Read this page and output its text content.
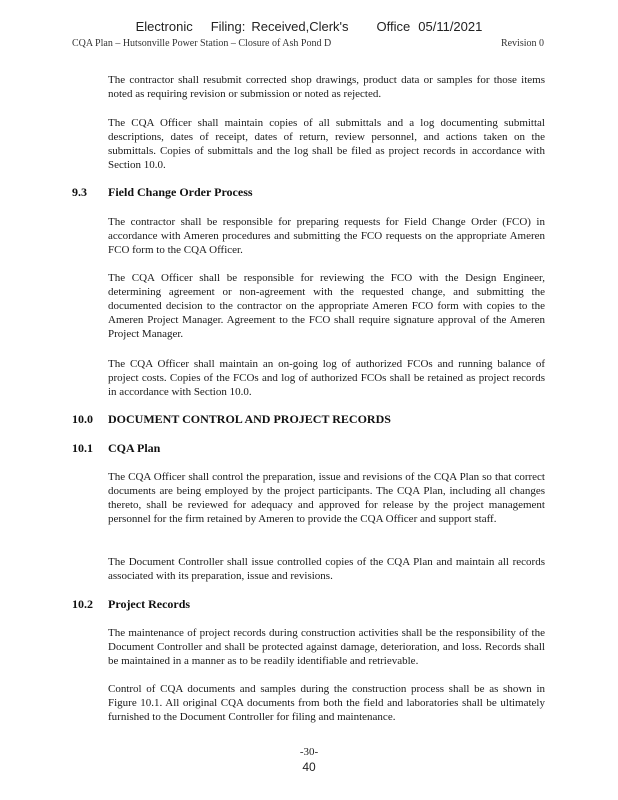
Electronic Filing: Received,Clerk's Office 05/11/2021
CQA Plan – Hutsonville Power Station – Closure of Ash Pond D	Revision 0

The contractor shall resubmit corrected shop drawings, product data or samples for those items noted as requiring revision or submission or noted as rejected.

The CQA Officer shall maintain copies of all submittals and a log documenting submittal descriptions, dates of receipt, dates of return, review personnel, and actions taken on the submittals. Copies of submittals and the log shall be filed as project records in accordance with Section 10.0.

9.3 Field Change Order Process

The contractor shall be responsible for preparing requests for Field Change Order (FCO) in accordance with Ameren procedures and submitting the FCO requests on the appropriate Ameren FCO form to the CQA Officer.

The CQA Officer shall be responsible for reviewing the FCO with the Design Engineer, determining agreement or non-agreement with the requested change, and submitting the documented decision to the contractor on the appropriate Ameren FCO form with copies to the Ameren Project Manager. Agreement to the FCO shall require signature approval of the Ameren Project Manager.

The CQA Officer shall maintain an on-going log of authorized FCOs and running balance of project costs. Copies of the FCOs and log of authorized FCOs shall be retained as project records in accordance with Section 10.0.

10.0 DOCUMENT CONTROL AND PROJECT RECORDS
10.1 CQA Plan

The CQA Officer shall control the preparation, issue and revisions of the CQA Plan so that correct documents are being employed by the project participants. The CQA Plan, including all changes thereto, shall be reviewed for adequacy and approved for release by the project management personnel for the firm retained by Ameren to provide the CQA Officer and support staff.

The Document Controller shall issue controlled copies of the CQA Plan and maintain all records associated with its preparation, issue and revisions.

10.2 Project Records

The maintenance of project records during construction activities shall be the responsibility of the Document Controller and shall be protected against damage, deterioration, and loss. Records shall be maintained in a manner as to be readily identifiable and retrievable.

Control of CQA documents and samples during the construction process shall be as shown in Figure 10.1. All original CQA documents from both the field and laboratories shall be ultimately furnished to the Document Controller for filing and maintenance.

-30-
40
